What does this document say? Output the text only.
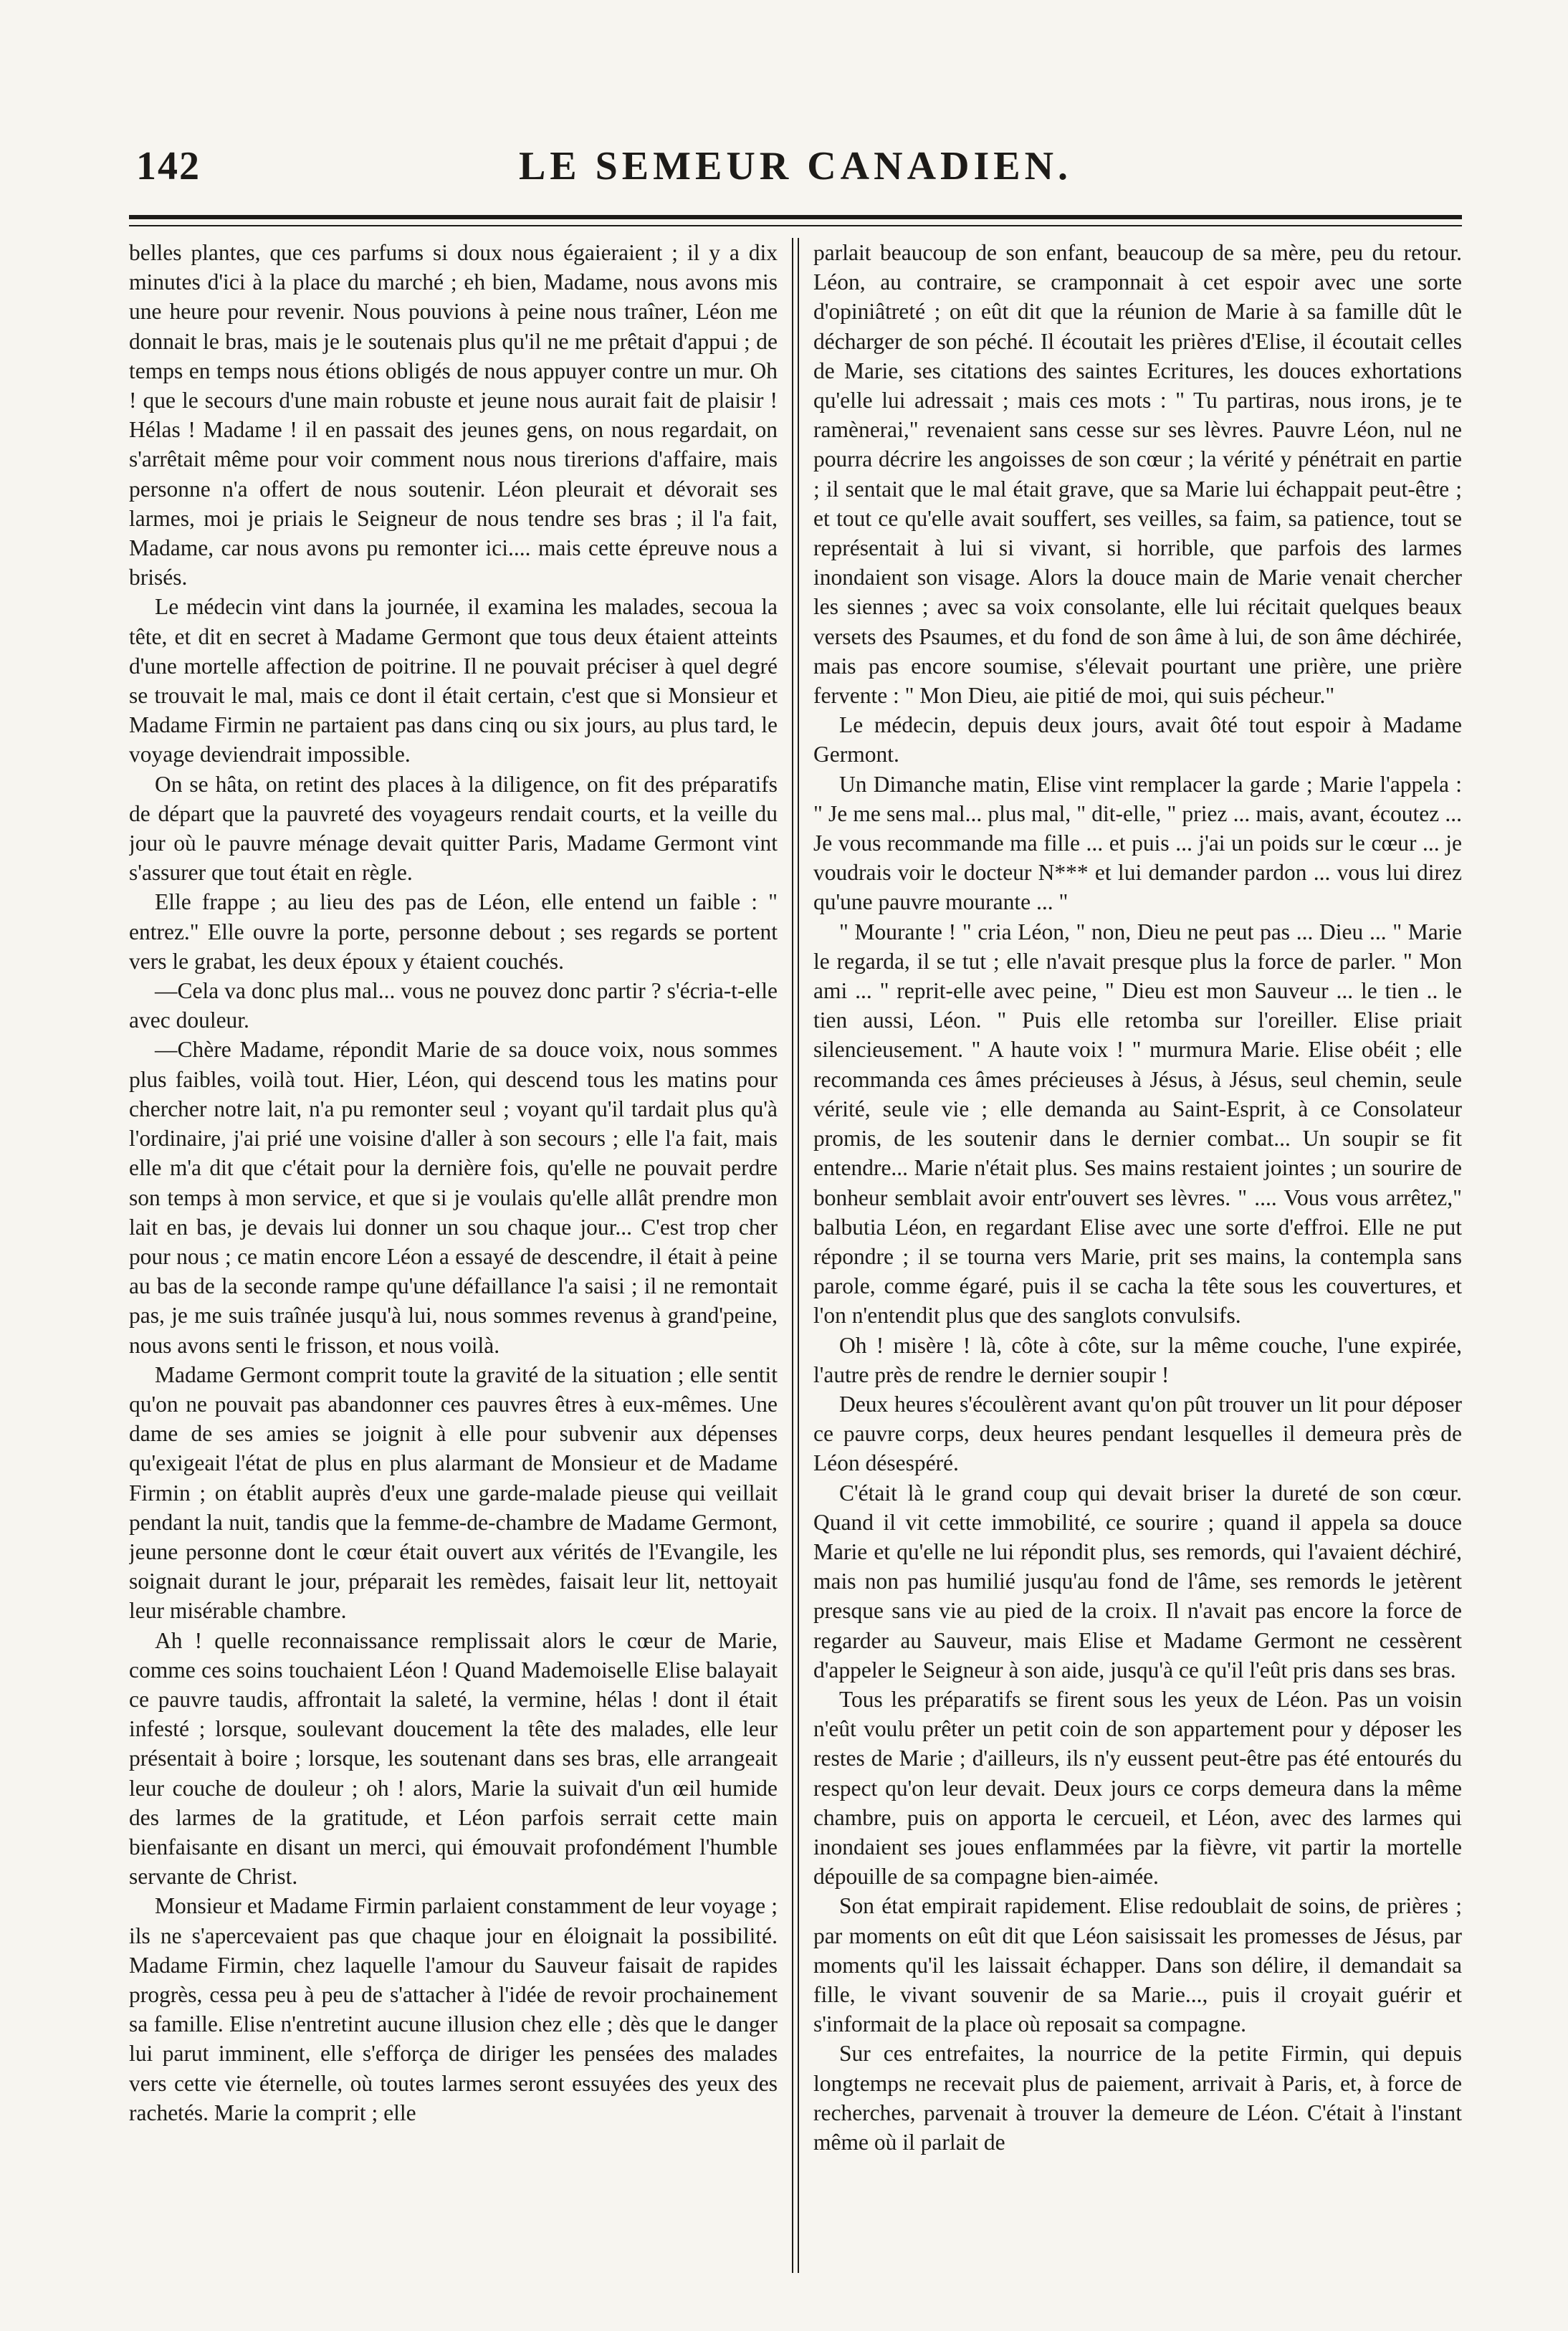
LE SEMEUR CANADIEN.
142

belles plantes, que ces parfums si doux nous égaieraient ; il y a dix minutes d'ici à la place du marché ; eh bien, Madame, nous avons mis une heure pour revenir. Nous pouvions à peine nous traîner, Léon me donnait le bras, mais je le soutenais plus qu'il ne me prêtait d'appui ; de temps en temps nous étions obligés de nous appuyer contre un mur. Oh ! que le secours d'une main robuste et jeune nous aurait fait de plaisir ! Hélas ! Madame ! il en passait des jeunes gens, on nous regardait, on s'arrêtait même pour voir comment nous nous tirerions d'affaire, mais personne n'a offert de nous soutenir. Léon pleurait et dévorait ses larmes, moi je priais le Seigneur de nous tendre ses bras ; il l'a fait, Madame, car nous avons pu remonter ici.... mais cette épreuve nous a brisés.

Le médecin vint dans la journée, il examina les malades, secoua la tête, et dit en secret à Madame Germont que tous deux étaient atteints d'une mortelle affection de poitrine. Il ne pouvait préciser à quel degré se trouvait le mal, mais ce dont il était certain, c'est que si Monsieur et Madame Firmin ne partaient pas dans cinq ou six jours, au plus tard, le voyage deviendrait impossible.

On se hâta, on retint des places à la diligence, on fit des préparatifs de départ que la pauvreté des voyageurs rendait courts, et la veille du jour où le pauvre ménage devait quitter Paris, Madame Germont vint s'assurer que tout était en règle.

Elle frappe ; au lieu des pas de Léon, elle entend un faible : " entrez." Elle ouvre la porte, personne debout ; ses regards se portent vers le grabat, les deux époux y étaient couchés.

—Cela va donc plus mal... vous ne pouvez donc partir ? s'écria-t-elle avec douleur.

—Chère Madame, répondit Marie de sa douce voix, nous sommes plus faibles, voilà tout. Hier, Léon, qui descend tous les matins pour chercher notre lait, n'a pu remonter seul ; voyant qu'il tardait plus qu'à l'ordinaire, j'ai prié une voisine d'aller à son secours ; elle l'a fait, mais elle m'a dit que c'était pour la dernière fois, qu'elle ne pouvait perdre son temps à mon service, et que si je voulais qu'elle allât prendre mon lait en bas, je devais lui donner un sou chaque jour... C'est trop cher pour nous ; ce matin encore Léon a essayé de descendre, il était à peine au bas de la seconde rampe qu'une défaillance l'a saisi ; il ne remontait pas, je me suis traînée jusqu'à lui, nous sommes revenus à grand'peine, nous avons senti le frisson, et nous voilà.

Madame Germont comprit toute la gravité de la situation ; elle sentit qu'on ne pouvait pas abandonner ces pauvres êtres à eux-mêmes. Une dame de ses amies se joignit à elle pour subvenir aux dépenses qu'exigeait l'état de plus en plus alarmant de Monsieur et de Madame Firmin ; on établit auprès d'eux une garde-malade pieuse qui veillait pendant la nuit, tandis que la femme-de-chambre de Madame Germont, jeune personne dont le cœur était ouvert aux vérités de l'Evangile, les soignait durant le jour, préparait les remèdes, faisait leur lit, nettoyait leur misérable chambre.

Ah ! quelle reconnaissance remplissait alors le cœur de Marie, comme ces soins touchaient Léon ! Quand Mademoiselle Elise balayait ce pauvre taudis, affrontait la saleté, la vermine, hélas ! dont il était infesté ; lorsque, soulevant doucement la tête des malades, elle leur présentait à boire ; lorsque, les soutenant dans ses bras, elle arrangeait leur couche de douleur ; oh ! alors, Marie la suivait d'un œil humide des larmes de la gratitude, et Léon parfois serrait cette main bienfaisante en disant un merci, qui émouvait profondément l'humble servante de Christ.

Monsieur et Madame Firmin parlaient constamment de leur voyage ; ils ne s'apercevaient pas que chaque jour en éloignait la possibilité. Madame Firmin, chez laquelle l'amour du Sauveur faisait de rapides progrès, cessa peu à peu de s'attacher à l'idée de revoir prochainement sa famille. Elise n'entretint aucune illusion chez elle ; dès que le danger lui parut imminent, elle s'efforça de diriger les pensées des malades vers cette vie éternelle, où toutes larmes seront essuyées des yeux des rachetés. Marie la comprit ; elle

parlait beaucoup de son enfant, beaucoup de sa mère, peu du retour. Léon, au contraire, se cramponnait à cet espoir avec une sorte d'opiniâtreté ; on eût dit que la réunion de Marie à sa famille dût le décharger de son péché. Il écoutait les prières d'Elise, il écoutait celles de Marie, ses citations des saintes Ecritures, les douces exhortations qu'elle lui adressait ; mais ces mots : " Tu partiras, nous irons, je te ramènerai," revenaient sans cesse sur ses lèvres. Pauvre Léon, nul ne pourra décrire les angoisses de son cœur ; la vérité y pénétrait en partie ; il sentait que le mal était grave, que sa Marie lui échappait peut-être ; et tout ce qu'elle avait souffert, ses veilles, sa faim, sa patience, tout se représentait à lui si vivant, si horrible, que parfois des larmes inondaient son visage. Alors la douce main de Marie venait chercher les siennes ; avec sa voix consolante, elle lui récitait quelques beaux versets des Psaumes, et du fond de son âme à lui, de son âme déchirée, mais pas encore soumise, s'élevait pourtant une prière, une prière fervente : " Mon Dieu, aie pitié de moi, qui suis pécheur."

Le médecin, depuis deux jours, avait ôté tout espoir à Madame Germont.

Un Dimanche matin, Elise vint remplacer la garde ; Marie l'appela : " Je me sens mal... plus mal, " dit-elle, " priez ... mais, avant, écoutez ... Je vous recommande ma fille ... et puis ... j'ai un poids sur le cœur ... je voudrais voir le docteur N*** et lui demander pardon ... vous lui direz qu'une pauvre mourante ... "

" Mourante ! " cria Léon, " non, Dieu ne peut pas ... Dieu ... " Marie le regarda, il se tut ; elle n'avait presque plus la force de parler. " Mon ami ... " reprit-elle avec peine, " Dieu est mon Sauveur ... le tien .. le tien aussi, Léon. " Puis elle retomba sur l'oreiller. Elise priait silencieusement. " A haute voix ! " murmura Marie. Elise obéit ; elle recommanda ces âmes précieuses à Jésus, à Jésus, seul chemin, seule vérité, seule vie ; elle demanda au Saint-Esprit, à ce Consolateur promis, de les soutenir dans le dernier combat... Un soupir se fit entendre... Marie n'était plus. Ses mains restaient jointes ; un sourire de bonheur semblait avoir entr'ouvert ses lèvres. " .... Vous vous arrêtez," balbutia Léon, en regardant Elise avec une sorte d'effroi. Elle ne put répondre ; il se tourna vers Marie, prit ses mains, la contempla sans parole, comme égaré, puis il se cacha la tête sous les couvertures, et l'on n'entendit plus que des sanglots convulsifs.

Oh ! misère ! là, côte à côte, sur la même couche, l'une expirée, l'autre près de rendre le dernier soupir !

Deux heures s'écoulèrent avant qu'on pût trouver un lit pour déposer ce pauvre corps, deux heures pendant lesquelles il demeura près de Léon désespéré.

C'était là le grand coup qui devait briser la dureté de son cœur. Quand il vit cette immobilité, ce sourire ; quand il appela sa douce Marie et qu'elle ne lui répondit plus, ses remords, qui l'avaient déchiré, mais non pas humilié jusqu'au fond de l'âme, ses remords le jetèrent presque sans vie au pied de la croix. Il n'avait pas encore la force de regarder au Sauveur, mais Elise et Madame Germont ne cessèrent d'appeler le Seigneur à son aide, jusqu'à ce qu'il l'eût pris dans ses bras.

Tous les préparatifs se firent sous les yeux de Léon. Pas un voisin n'eût voulu prêter un petit coin de son appartement pour y déposer les restes de Marie ; d'ailleurs, ils n'y eussent peut-être pas été entourés du respect qu'on leur devait. Deux jours ce corps demeura dans la même chambre, puis on apporta le cercueil, et Léon, avec des larmes qui inondaient ses joues enflammées par la fièvre, vit partir la mortelle dépouille de sa compagne bien-aimée.

Son état empirait rapidement. Elise redoublait de soins, de prières ; par moments on eût dit que Léon saisissait les promesses de Jésus, par moments qu'il les laissait échapper. Dans son délire, il demandait sa fille, le vivant souvenir de sa Marie..., puis il croyait guérir et s'informait de la place où reposait sa compagne.

Sur ces entrefaites, la nourrice de la petite Firmin, qui depuis longtemps ne recevait plus de paiement, arrivait à Paris, et, à force de recherches, parvenait à trouver la demeure de Léon. C'était à l'instant même où il parlait de
